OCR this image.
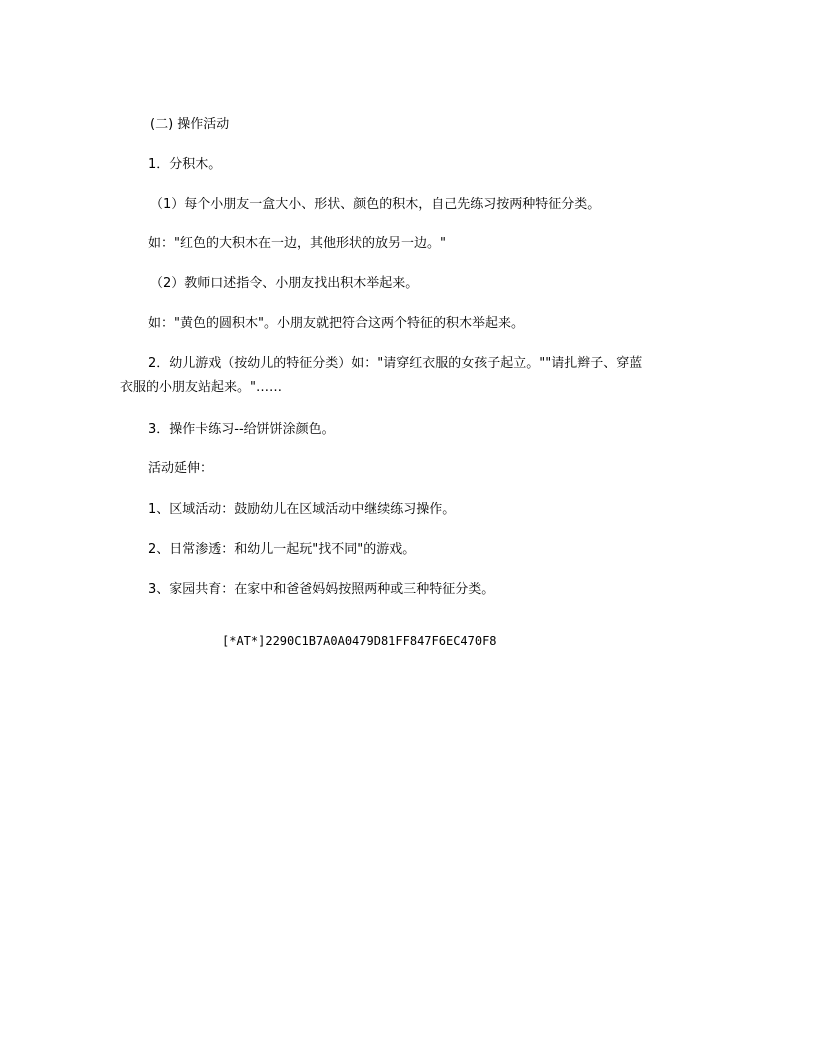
(二) 操作活动
1．分积木。
（1）每个小朋友一盒大小、形状、颜色的积木，自己先练习按两种特征分类。
如："红色的大积木在一边，其他形状的放另一边。"
（2）教师口述指令、小朋友找出积木举起来。
如："黄色的圆积木"。小朋友就把符合这两个特征的积木举起来。
2．幼儿游戏（按幼儿的特征分类）如："请穿红衣服的女孩子起立。""请扎辫子、穿蓝
衣服的小朋友站起来。"……
3．操作卡练习--给饼饼涂颜色。
活动延伸：
1、区域活动：鼓励幼儿在区域活动中继续练习操作。
2、日常渗透：和幼儿一起玩"找不同"的游戏。
3、家园共育：在家中和爸爸妈妈按照两种或三种特征分类。
[*AT*]2290C1B7A0A0479D81FF847F6EC470F8
